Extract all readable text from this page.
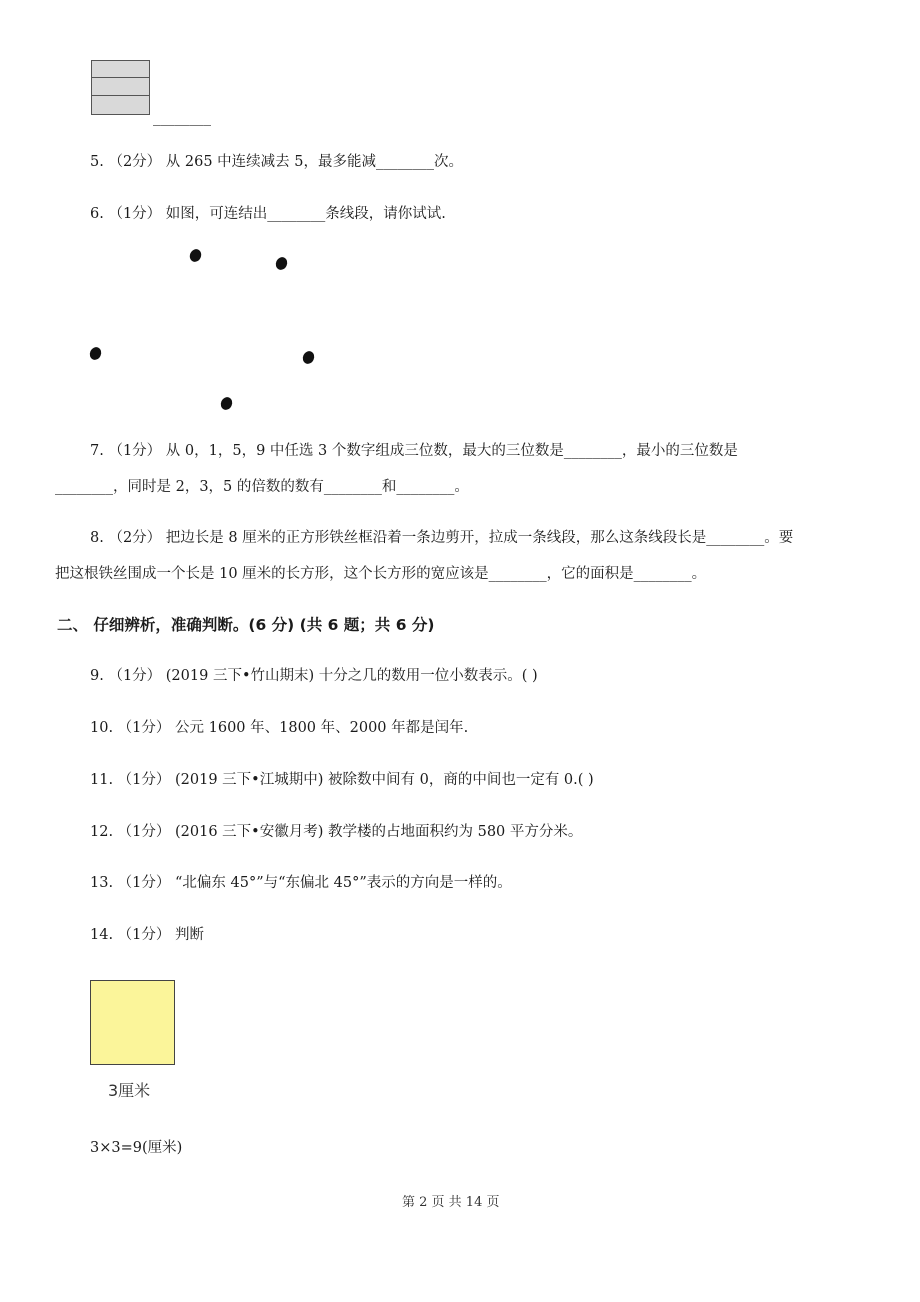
________
5. （2分） 从 265 中连续减去 5，最多能减________次。
6. （1分） 如图，可连结出________条线段，请你试试.
7. （1分） 从 0，1，5，9 中任选 3 个数字组成三位数，最大的三位数是________，最小的三位数是
________，同时是 2，3，5 的倍数的数有________和________。
8. （2分） 把边长是 8 厘米的正方形铁丝框沿着一条边剪开，拉成一条线段，那么这条线段长是________。要
把这根铁丝围成一个长是 10 厘米的长方形，这个长方形的宽应该是________，它的面积是________。
二、 仔细辨析，准确判断。(6 分) (共 6 题；共 6 分)
9. （1分） (2019 三下•竹山期末) 十分之几的数用一位小数表示。( )
10. （1分） 公元 1600 年、1800 年、2000 年都是闰年.
11. （1分） (2019 三下•江城期中) 被除数中间有 0，商的中间也一定有 0.( )
12. （1分） (2016 三下•安徽月考) 教学楼的占地面积约为 580 平方分米。
13. （1分） “北偏东 45°”与“东偏北 45°”表示的方向是一样的。
14. （1分） 判断
3厘米
3×3=9(厘米)
第 2 页 共 14 页
